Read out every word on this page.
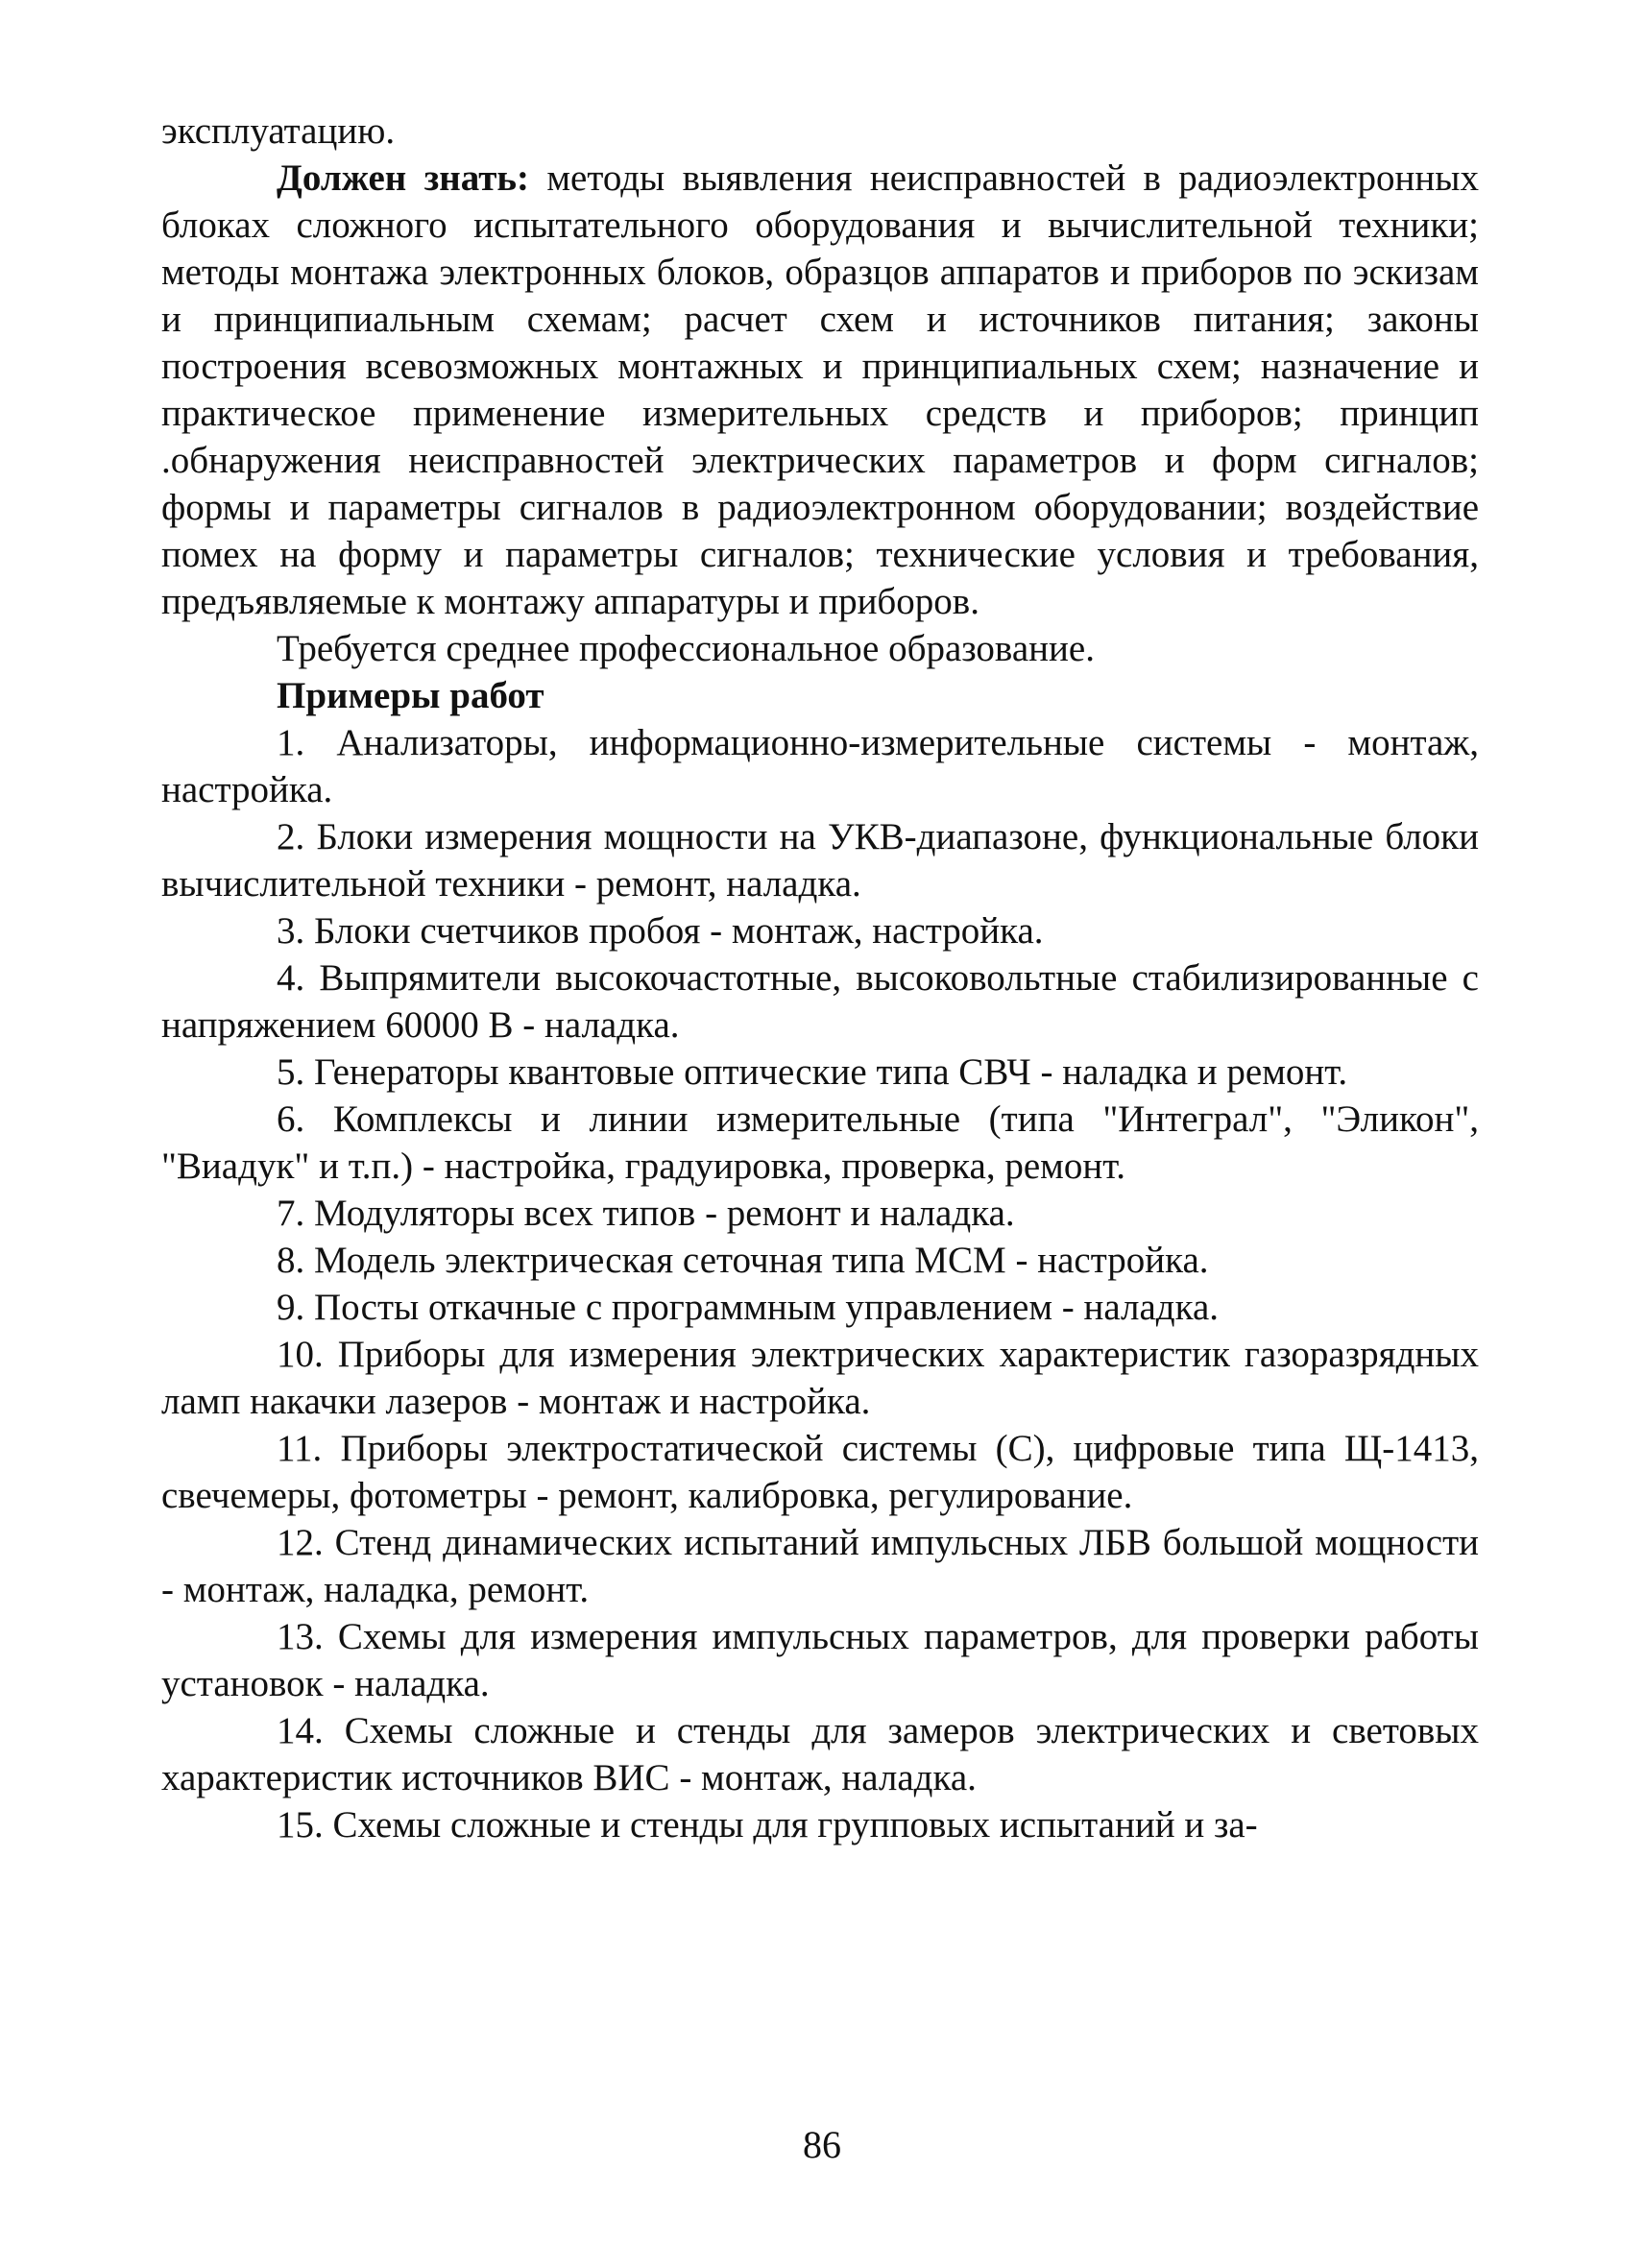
эксплуатацию.

Должен знать: методы выявления неисправностей в радиоэлектронных блоках сложного испытательного оборудования и вычислительной техники; методы монтажа электронных блоков, образцов аппаратов и приборов по эскизам и принципиальным схемам; расчет схем и источников питания; законы построения всевозможных монтажных и принципиальных схем; назначение и практическое применение измерительных средств и приборов; принцип .обнаружения неисправностей электрических параметров и форм сигналов; формы и параметры сигналов в радиоэлектронном оборудовании; воздействие помех на форму и параметры сигналов; технические условия и требования, предъявляемые к монтажу аппаратуры и приборов.

Требуется среднее профессиональное образование.

Примеры работ

1. Анализаторы, информационно-измерительные системы - монтаж, настройка.

2. Блоки измерения мощности на УКВ-диапазоне, функциональные блоки вычислительной техники - ремонт, наладка.

3. Блоки счетчиков пробоя - монтаж, настройка.

4. Выпрямители высокочастотные, высоковольтные стабилизированные с напряжением 60000 В - наладка.

5. Генераторы квантовые оптические типа СВЧ - наладка и ремонт.

6. Комплексы и линии измерительные (типа "Интеграл", "Эликон", "Виадук" и т.п.) - настройка, градуировка, проверка, ремонт.

7. Модуляторы всех типов - ремонт и наладка.

8. Модель электрическая сеточная типа МСМ - настройка.

9. Посты откачные с программным управлением - наладка.

10. Приборы для измерения электрических характеристик газоразрядных ламп накачки лазеров - монтаж и настройка.

11. Приборы электростатической системы (С), цифровые типа Щ-1413, свечемеры, фотометры - ремонт, калибровка, регулирование.

12. Стенд динамических испытаний импульсных ЛБВ большой мощности - монтаж, наладка, ремонт.

13. Схемы для измерения импульсных параметров, для проверки работы установок - наладка.

14. Схемы сложные и стенды для замеров электрических и световых характеристик источников ВИС - монтаж, наладка.

15. Схемы сложные и стенды для групповых испытаний и за-

86
